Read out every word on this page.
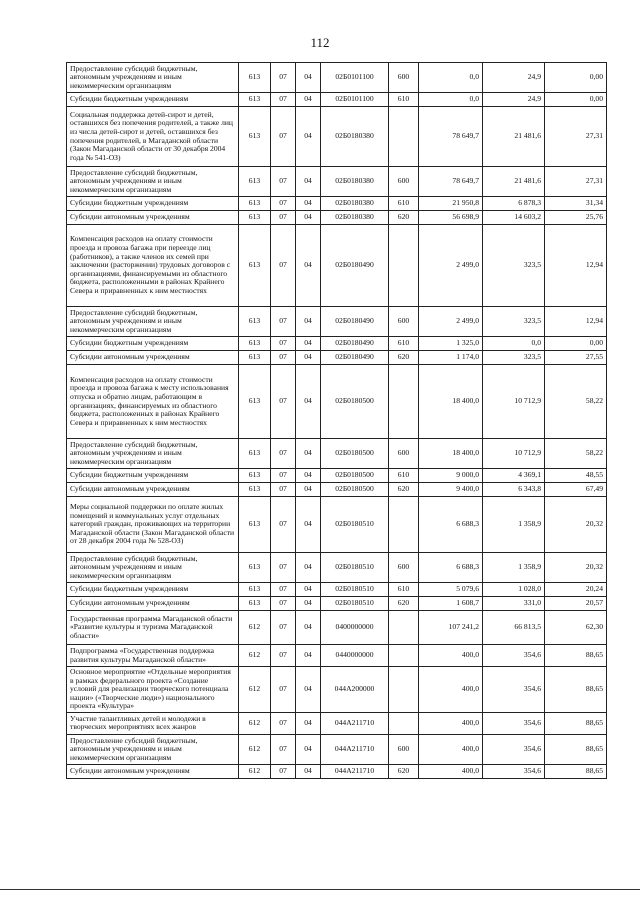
112
Предоставление субсидий бюджетным, автономным учреждениям и иным некоммерческим организациям	613	07	04	02Б0101100	600	0,0	24,9	0,00
Субсидии бюджетным учреждениям	613	07	04	02Б0101100	610	0,0	24,9	0,00
Социальная поддержка детей-сирот и детей, оставшихся без попечения родителей, а также лиц из числа детей-сирот и детей, оставшихся без попечения родителей, в Магаданской области (Закон Магаданской области от 30 декабря 2004 года № 541-ОЗ)	613	07	04	02Б0180380		78 649,7	21 481,6	27,31
Предоставление субсидий бюджетным, автономным учреждениям и иным некоммерческим организациям	613	07	04	02Б0180380	600	78 649,7	21 481,6	27,31
Субсидии бюджетным учреждениям	613	07	04	02Б0180380	610	21 950,8	6 878,3	31,34
Субсидии автономным учреждениям	613	07	04	02Б0180380	620	56 698,9	14 603,2	25,76
Компенсация расходов на оплату стоимости проезда и провоза багажа при переезде лиц (работников), а также членов их семей при заключении (расторжении) трудовых договоров с организациями, финансируемыми из областного бюджета, расположенными в районах Крайнего Севера и приравненных к ним местностях	613	07	04	02Б0180490		2 499,0	323,5	12,94
Предоставление субсидий бюджетным, автономным учреждениям и иным некоммерческим организациям	613	07	04	02Б0180490	600	2 499,0	323,5	12,94
Субсидии бюджетным учреждениям	613	07	04	02Б0180490	610	1 325,0	0,0	0,00
Субсидии автономным учреждениям	613	07	04	02Б0180490	620	1 174,0	323,5	27,55
Компенсация расходов на оплату стоимости проезда и провоза багажа к месту использования отпуска и обратно лицам, работающим в организациях, финансируемых из областного бюджета, расположенных в районах Крайнего Севера и приравненных к ним местностях	613	07	04	02Б0180500		18 400,0	10 712,9	58,22
Предоставление субсидий бюджетным, автономным учреждениям и иным некоммерческим организациям	613	07	04	02Б0180500	600	18 400,0	10 712,9	58,22
Субсидии бюджетным учреждениям	613	07	04	02Б0180500	610	9 000,0	4 369,1	48,55
Субсидии автономным учреждениям	613	07	04	02Б0180500	620	9 400,0	6 343,8	67,49
Меры социальной поддержки по оплате жилых помещений и коммунальных услуг отдельных категорий граждан, проживающих на территории Магаданской области (Закон Магаданской области от 28 декабря 2004 года № 528-ОЗ)	613	07	04	02Б0180510		6 688,3	1 358,9	20,32
Предоставление субсидий бюджетным, автономным учреждениям и иным некоммерческим организациям	613	07	04	02Б0180510	600	6 688,3	1 358,9	20,32
Субсидии бюджетным учреждениям	613	07	04	02Б0180510	610	5 079,6	1 028,0	20,24
Субсидии автономным учреждениям	613	07	04	02Б0180510	620	1 608,7	331,0	20,57
Государственная программа Магаданской области «Развитие культуры и туризма Магаданской области»	612	07	04	0400000000		107 241,2	66 813,5	62,30
Подпрограмма «Государственная поддержка развития культуры Магаданской области»	612	07	04	0440000000		400,0	354,6	88,65
Основное мероприятие «Отдельные мероприятия в рамках федерального проекта «Создание условий для реализации творческого потенциала нации» («Творческие люди») национального проекта «Культура»	612	07	04	044A200000		400,0	354,6	88,65
Участие талантливых детей и молодежи в творческих мероприятиях всех жанров	612	07	04	044A211710		400,0	354,6	88,65
Предоставление субсидий бюджетным, автономным учреждениям и иным некоммерческим организациям	612	07	04	044A211710	600	400,0	354,6	88,65
Субсидии автономным учреждениям	612	07	04	044A211710	620	400,0	354,6	88,65
